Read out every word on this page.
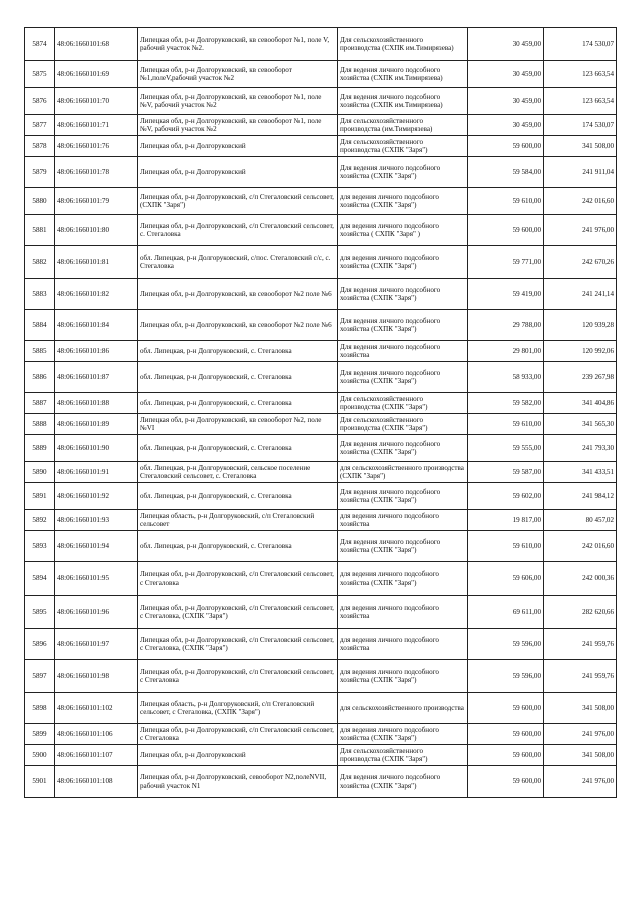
5874	48:06:1660101:68	Липецкая обл, р-н Долгоруковский, кв севооборот №1, поле V, рабочий участок №2.	Для сельскохозяйственного производства (СХПК им.Тимирязева)	30 459,00	174 530,07
5875	48:06:1660101:69	Липецкая обл, р-н Долгоруковский, кв севооборот №1,полеV,рабочий участок №2	Для ведения личного подсобного хозяйства (СХПК им.Тимирязева)	30 459,00	123 663,54
5876	48:06:1660101:70	Липецкая обл, р-н Долгоруковский, кв севооборот №1, поле №V, рабочий участок №2	Для ведения личного подсобного хозяйства (СХПК им.Тимирязева)	30 459,00	123 663,54
5877	48:06:1660101:71	Липецкая обл, р-н Долгоруковский, кв севооборот №1, поле №V, рабочий участок №2	Для сельскохозяйственного производства (им.Тимирязева)	30 459,00	174 530,07
5878	48:06:1660101:76	Липецкая обл, р-н Долгоруковский	Для сельскохозяйственного производства (СХПК "Заря")	59 600,00	341 508,00
5879	48:06:1660101:78	Липецкая обл, р-н Долгоруковский	Для ведения личного подсобного хозяйства (СХПК "Заря")	59 584,00	241 911,04
5880	48:06:1660101:79	Липецкая обл, р-н Долгоруковский, с/п Стегаловский сельсовет, (СХПК "Заря")	для ведения личного подсобного хозяйства (СХПК "Заря")	59 610,00	242 016,60
5881	48:06:1660101:80	Липецкая обл, р-н Долгоруковский, с/п Стегаловский сельсовет, с. Стегаловка	для ведения личного подсобного хозяйства ( СХПК "Заря" )	59 600,00	241 976,00
5882	48:06:1660101:81	обл. Липецкая, р-н Долгоруковский, с/пос. Стегаловский с/с, с. Стегаловка	для ведения личного подсобного хозяйства (СХПК "Заря")	59 771,00	242 670,26
5883	48:06:1660101:82	Липецкая обл, р-н Долгоруковский, кв севооборот №2 поле №6	Для ведения личного подсобного хозяйства (СХПК "Заря")	59 419,00	241 241,14
5884	48:06:1660101:84	Липецкая обл, р-н Долгоруковский, кв севооборот №2 поле №6	Для ведения личного подсобного хозяйства (СХПК "Заря")	29 788,00	120 939,28
5885	48:06:1660101:86	обл. Липецкая, р-н Долгоруковский, с. Стегаловка	Для ведения личного подсобного хозяйства	29 801,00	120 992,06
5886	48:06:1660101:87	обл. Липецкая, р-н Долгоруковский, с. Стегаловка	Для ведения личного подсобного хозяйства (СХПК "Заря")	58 933,00	239 267,98
5887	48:06:1660101:88	обл. Липецкая, р-н Долгоруковский, с. Стегаловка	Для сельскохозяйственного производства (СХПК "Заря")	59 582,00	341 404,86
5888	48:06:1660101:89	Липецкая обл, р-н Долгоруковский, кв севооборот №2, поле №VI	Для сельскохозяйственного производства (СХПК "Заря")	59 610,00	341 565,30
5889	48:06:1660101:90	обл. Липецкая, р-н Долгоруковский, с. Стегаловка	Для ведения личного подсобного хозяйства (СХПК "Заря")	59 555,00	241 793,30
5890	48:06:1660101:91	обл. Липецкая, р-н Долгоруковский, сельское поселение Стегаловский сельсовет, с. Стегаловка	для сельскохозяйственного производства (СХПК "Заря")	59 587,00	341 433,51
5891	48:06:1660101:92	обл. Липецкая, р-н Долгоруковский, с. Стегаловка	Для ведения личного подсобного хозяйства (СХПК "Заря")	59 602,00	241 984,12
5892	48:06:1660101:93	Липецкая область, р-н Долгоруковский, с/п Стегаловский сельсовет	для ведения личного подсобного хозяйства	19 817,00	80 457,02
5893	48:06:1660101:94	обл. Липецкая, р-н Долгоруковский, с. Стегаловка	Для ведения личного подсобного хозяйства (СХПК "Заря")	59 610,00	242 016,60
5894	48:06:1660101:95	Липецкая обл, р-н Долгоруковский, с/п Стегаловский сельсовет, с Стегаловка	для ведения личного подсобного хозяйства (СХПК "Заря")	59 606,00	242 000,36
5895	48:06:1660101:96	Липецкая обл, р-н Долгоруковский, с/п Стегаловский сельсовет, с Стегаловка, (СХПК "Заря")	для ведения личного подсобного хозяйства	69 611,00	282 620,66
5896	48:06:1660101:97	Липецкая обл, р-н Долгоруковский, с/п Стегаловский сельсовет, с Стегаловка, (СХПК "Заря")	для ведения личного подсобного хозяйства	59 596,00	241 959,76
5897	48:06:1660101:98	Липецкая обл, р-н Долгоруковский, с/п Стегаловский сельсовет, с Стегаловка	для ведения личного подсобного хозяйства (СХПК "Заря")	59 596,00	241 959,76
5898	48:06:1660101:102	Липецкая область, р-н Долгоруковский, с/п Стегаловский сельсовет, с Стегаловка, (СХПК "Заря")	для сельскохозяйственного производства	59 600,00	341 508,00
5899	48:06:1660101:106	Липецкая обл, р-н Долгоруковский, с/п Стегаловский сельсовет, с Стегаловка	для ведения личного подсобного хозяйства (СХПК "Заря")	59 600,00	241 976,00
5900	48:06:1660101:107	Липецкая обл, р-н Долгоруковский	Для сельскохозяйственного производства (СХПК "Заря")	59 600,00	341 508,00
5901	48:06:1660101:108	Липецкая обл, р-н Долгоруковский, севооборот N2,полеNVII, рабочий участок N1	Для ведения личного подсобного хозяйства (СХПК "Заря")	59 600,00	241 976,00
